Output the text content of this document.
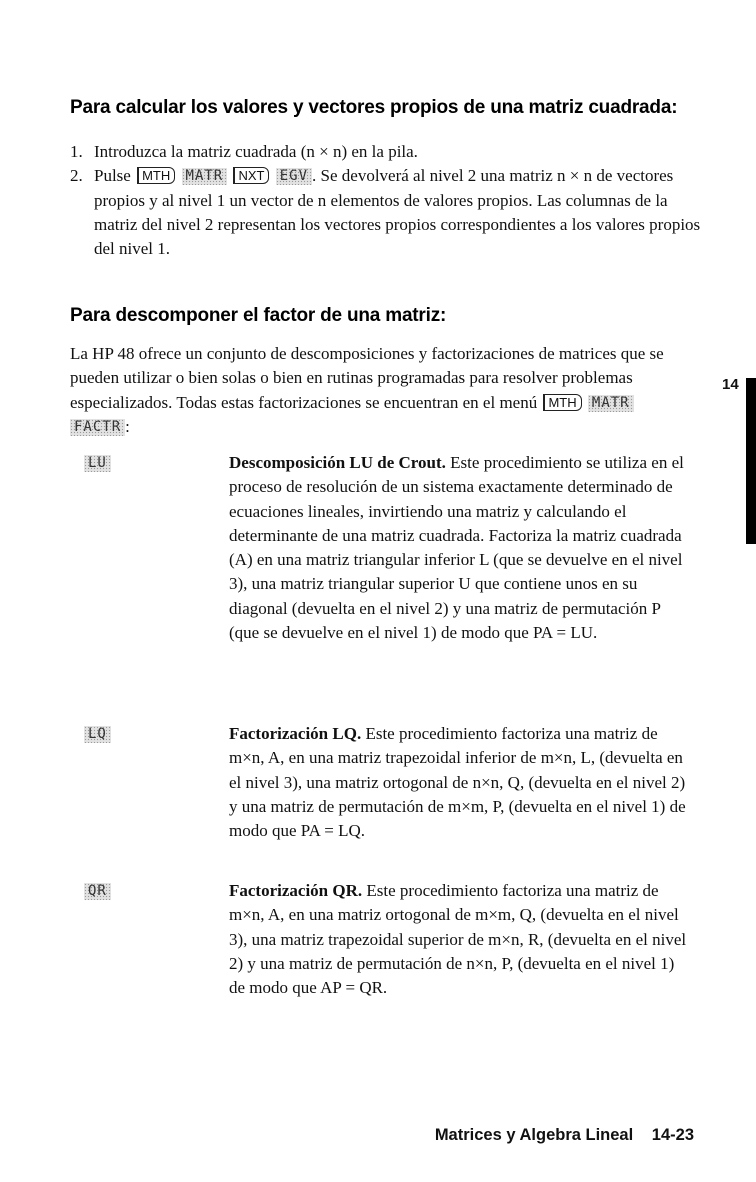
Para calcular los valores y vectores propios de una matriz cuadrada:
1. Introduzca la matriz cuadrada (n × n) en la pila.
2. Pulse MTH MATR NXT EGV . Se devolverá al nivel 2 una matriz n × n de vectores propios y al nivel 1 un vector de n elementos de valores propios. Las columnas de la matriz del nivel 2 representan los vectores propios correspondientes a los valores propios del nivel 1.
Para descomponer el factor de una matriz:

La HP 48 ofrece un conjunto de descomposiciones y factorizaciones de matrices que se pueden utilizar o bien solas o bien en rutinas programadas para resolver problemas especializados. Todas estas factorizaciones se encuentran en el menú MTH MATR FACTR :

LU	Descomposición LU de Crout. Este procedimiento se utiliza en el proceso de resolución de un sistema exactamente determinado de ecuaciones lineales, invirtiendo una matriz y calculando el determinante de una matriz cuadrada. Factoriza la matriz cuadrada (A) en una matriz triangular inferior L (que se devuelve en el nivel 3), una matriz triangular superior U que contiene unos en su diagonal (devuelta en el nivel 2) y una matriz de permutación P (que se devuelve en el nivel 1) de modo que PA = LU.

LQ	Factorización LQ. Este procedimiento factoriza una matriz de m×n, A, en una matriz trapezoidal inferior de m×n, L, (devuelta en el nivel 3), una matriz ortogonal de n×n, Q, (devuelta en el nivel 2) y una matriz de permutación de m×m, P, (devuelta en el nivel 1) de modo que PA = LQ.

QR	Factorización QR. Este procedimiento factoriza una matriz de m×n, A, en una matriz ortogonal de m×m, Q, (devuelta en el nivel 3), una matriz trapezoidal superior de m×n, R, (devuelta en el nivel 2) y una matriz de permutación de n×n, P, (devuelta en el nivel 1) de modo que AP = QR.

14
Matrices y Algebra Lineal 14-23
